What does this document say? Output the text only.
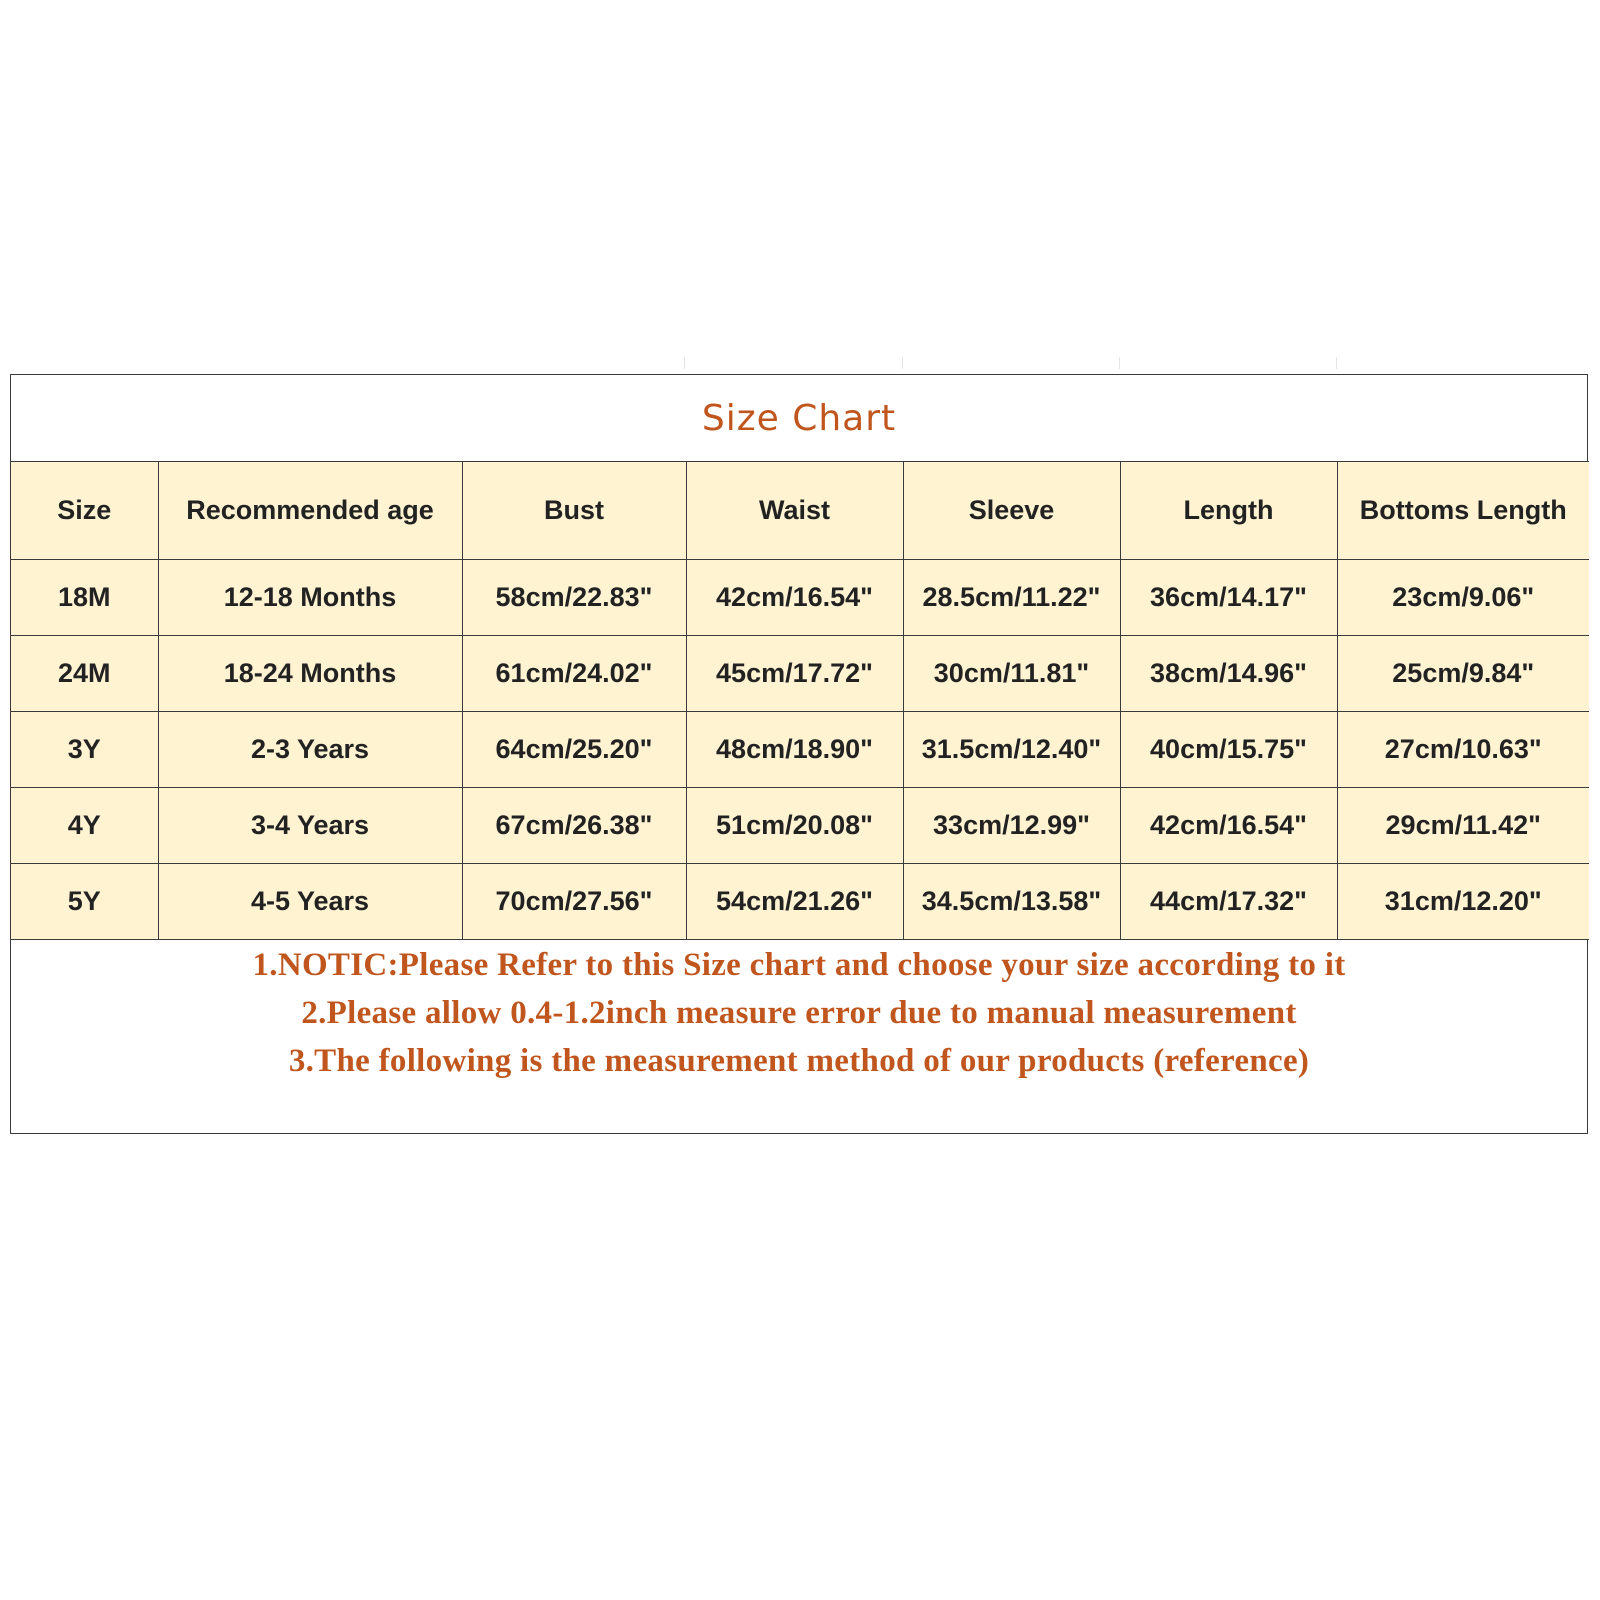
Size Chart
Size	Recommended age	Bust	Waist	Sleeve	Length	Bottoms Length
18M	12-18 Months	58cm/22.83"	42cm/16.54"	28.5cm/11.22"	36cm/14.17"	23cm/9.06"
24M	18-24 Months	61cm/24.02"	45cm/17.72"	30cm/11.81"	38cm/14.96"	25cm/9.84"
3Y	2-3 Years	64cm/25.20"	48cm/18.90"	31.5cm/12.40"	40cm/15.75"	27cm/10.63"
4Y	3-4 Years	67cm/26.38"	51cm/20.08"	33cm/12.99"	42cm/16.54"	29cm/11.42"
5Y	4-5 Years	70cm/27.56"	54cm/21.26"	34.5cm/13.58"	44cm/17.32"	31cm/12.20"
1.NOTIC:Please Refer to this Size chart and choose your size according to it
2.Please allow 0.4-1.2inch measure error due to manual measurement
3.The following is the measurement method of our products (reference)
